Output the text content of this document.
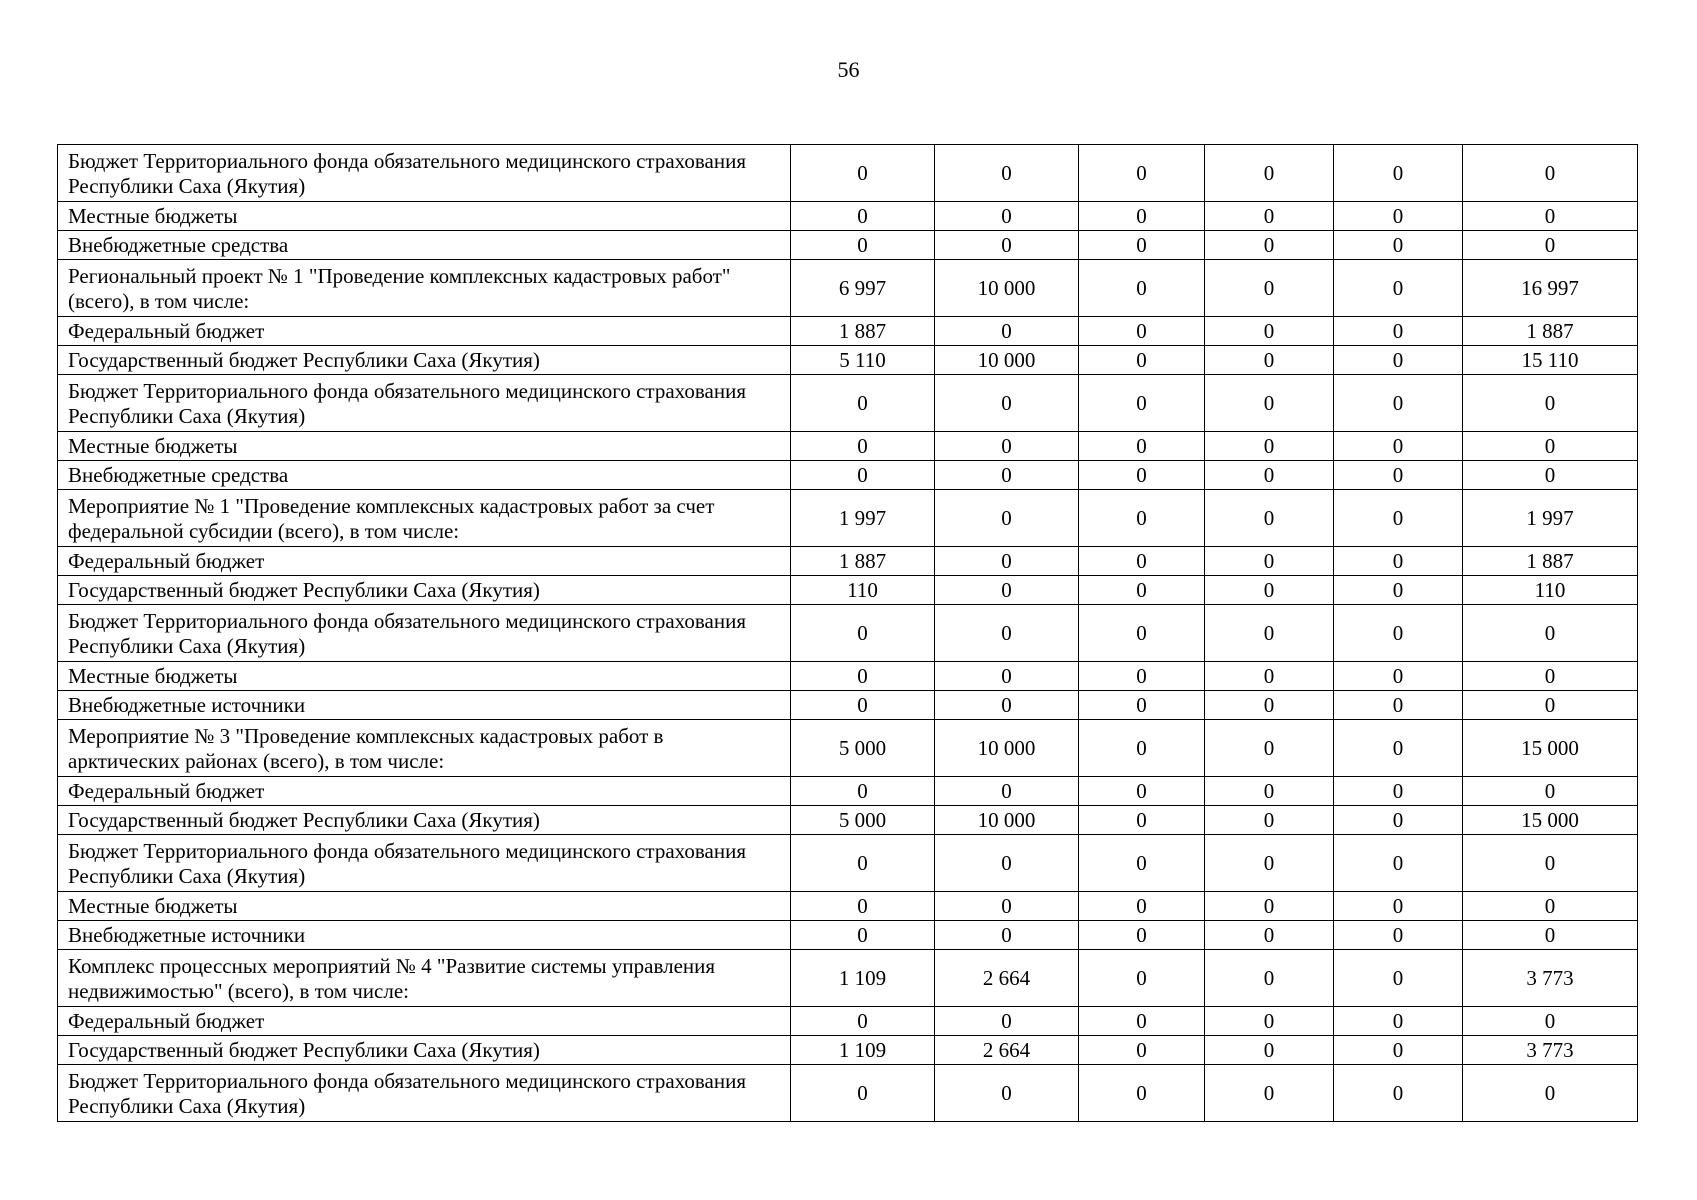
56
Бюджет Территориального фонда обязательного медицинского страхования Республики Саха (Якутия)	0	0	0	0	0	0
Местные бюджеты	0	0	0	0	0	0
Внебюджетные средства	0	0	0	0	0	0
Региональный проект № 1 "Проведение комплексных кадастровых работ" (всего), в том числе:	6 997	10 000	0	0	0	16 997
Федеральный бюджет	1 887	0	0	0	0	1 887
Государственный бюджет Республики Саха (Якутия)	5 110	10 000	0	0	0	15 110
Бюджет Территориального фонда обязательного медицинского страхования Республики Саха (Якутия)	0	0	0	0	0	0
Местные бюджеты	0	0	0	0	0	0
Внебюджетные средства	0	0	0	0	0	0
Мероприятие № 1 "Проведение комплексных кадастровых работ за счет федеральной субсидии (всего), в том числе:	1 997	0	0	0	0	1 997
Федеральный бюджет	1 887	0	0	0	0	1 887
Государственный бюджет Республики Саха (Якутия)	110	0	0	0	0	110
Бюджет Территориального фонда обязательного медицинского страхования Республики Саха (Якутия)	0	0	0	0	0	0
Местные бюджеты	0	0	0	0	0	0
Внебюджетные источники	0	0	0	0	0	0
Мероприятие № 3 "Проведение комплексных кадастровых работ в арктических районах (всего), в том числе:	5 000	10 000	0	0	0	15 000
Федеральный бюджет	0	0	0	0	0	0
Государственный бюджет Республики Саха (Якутия)	5 000	10 000	0	0	0	15 000
Бюджет Территориального фонда обязательного медицинского страхования Республики Саха (Якутия)	0	0	0	0	0	0
Местные бюджеты	0	0	0	0	0	0
Внебюджетные источники	0	0	0	0	0	0
Комплекс процессных мероприятий № 4 "Развитие системы управления недвижимостью" (всего), в том числе:	1 109	2 664	0	0	0	3 773
Федеральный бюджет	0	0	0	0	0	0
Государственный бюджет Республики Саха (Якутия)	1 109	2 664	0	0	0	3 773
Бюджет Территориального фонда обязательного медицинского страхования Республики Саха (Якутия)	0	0	0	0	0	0
